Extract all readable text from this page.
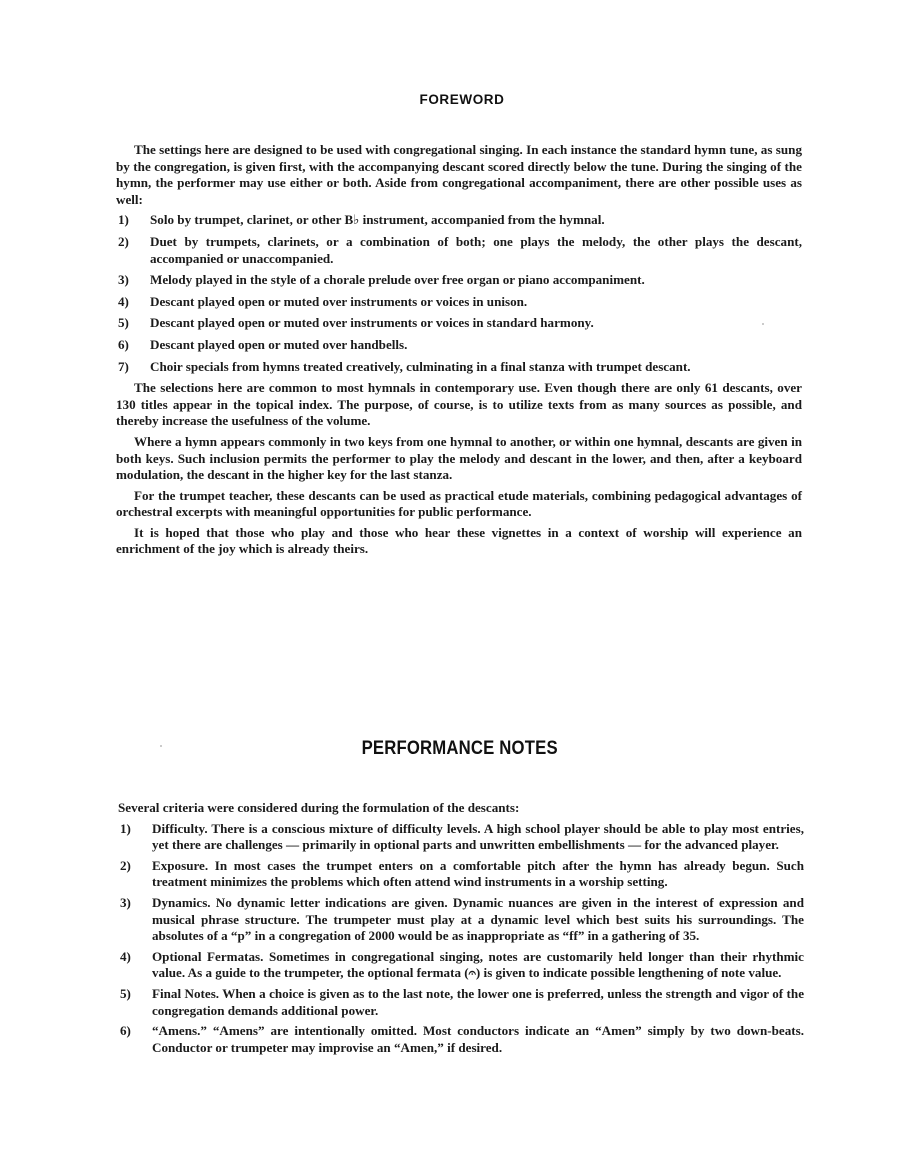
FOREWORD

The settings here are designed to be used with congregational singing. In each instance the standard hymn tune, as sung by the congregation, is given first, with the accompanying descant scored directly below the tune. During the singing of the hymn, the performer may use either or both. Aside from congregational accompaniment, there are other possible uses as well:

1)	Solo by trumpet, clarinet, or other B♭ instrument, accompanied from the hymnal.
2)	Duet by trumpets, clarinets, or a combination of both; one plays the melody, the other plays the descant, accompanied or unaccompanied.
3)	Melody played in the style of a chorale prelude over free organ or piano accompaniment.
4)	Descant played open or muted over instruments or voices in unison.
5)	Descant played open or muted over instruments or voices in standard harmony.
6)	Descant played open or muted over handbells.
7)	Choir specials from hymns treated creatively, culminating in a final stanza with trumpet descant.

The selections here are common to most hymnals in contemporary use. Even though there are only 61 descants, over 130 titles appear in the topical index. The purpose, of course, is to utilize texts from as many sources as possible, and thereby increase the usefulness of the volume.

Where a hymn appears commonly in two keys from one hymnal to another, or within one hymnal, descants are given in both keys. Such inclusion permits the performer to play the melody and descant in the lower, and then, after a keyboard modulation, the descant in the higher key for the last stanza.

For the trumpet teacher, these descants can be used as practical etude materials, combining pedagogical advantages of orchestral excerpts with meaningful opportunities for public performance.

It is hoped that those who play and those who hear these vignettes in a context of worship will experience an enrichment of the joy which is already theirs.

PERFORMANCE NOTES

Several criteria were considered during the formulation of the descants:

1)	Difficulty. There is a conscious mixture of difficulty levels. A high school player should be able to play most entries, yet there are challenges — primarily in optional parts and unwritten embellishments — for the advanced player.
2)	Exposure. In most cases the trumpet enters on a comfortable pitch after the hymn has already begun. Such treatment minimizes the problems which often attend wind instruments in a worship setting.
3)	Dynamics. No dynamic letter indications are given. Dynamic nuances are given in the interest of expression and musical phrase structure. The trumpeter must play at a dynamic level which best suits his surroundings. The absolutes of a “p” in a congregation of 2000 would be as inappropriate as “ff” in a gathering of 35.
4)	Optional Fermatas. Sometimes in congregational singing, notes are customarily held longer than their rhythmic value. As a guide to the trumpeter, the optional fermata (𝄐) is given to indicate possible lengthening of note value.
5)	Final Notes. When a choice is given as to the last note, the lower one is preferred, unless the strength and vigor of the congregation demands additional power.
6)	“Amens.” “Amens” are intentionally omitted. Most conductors indicate an “Amen” simply by two down-beats. Conductor or trumpeter may improvise an “Amen,” if desired.
